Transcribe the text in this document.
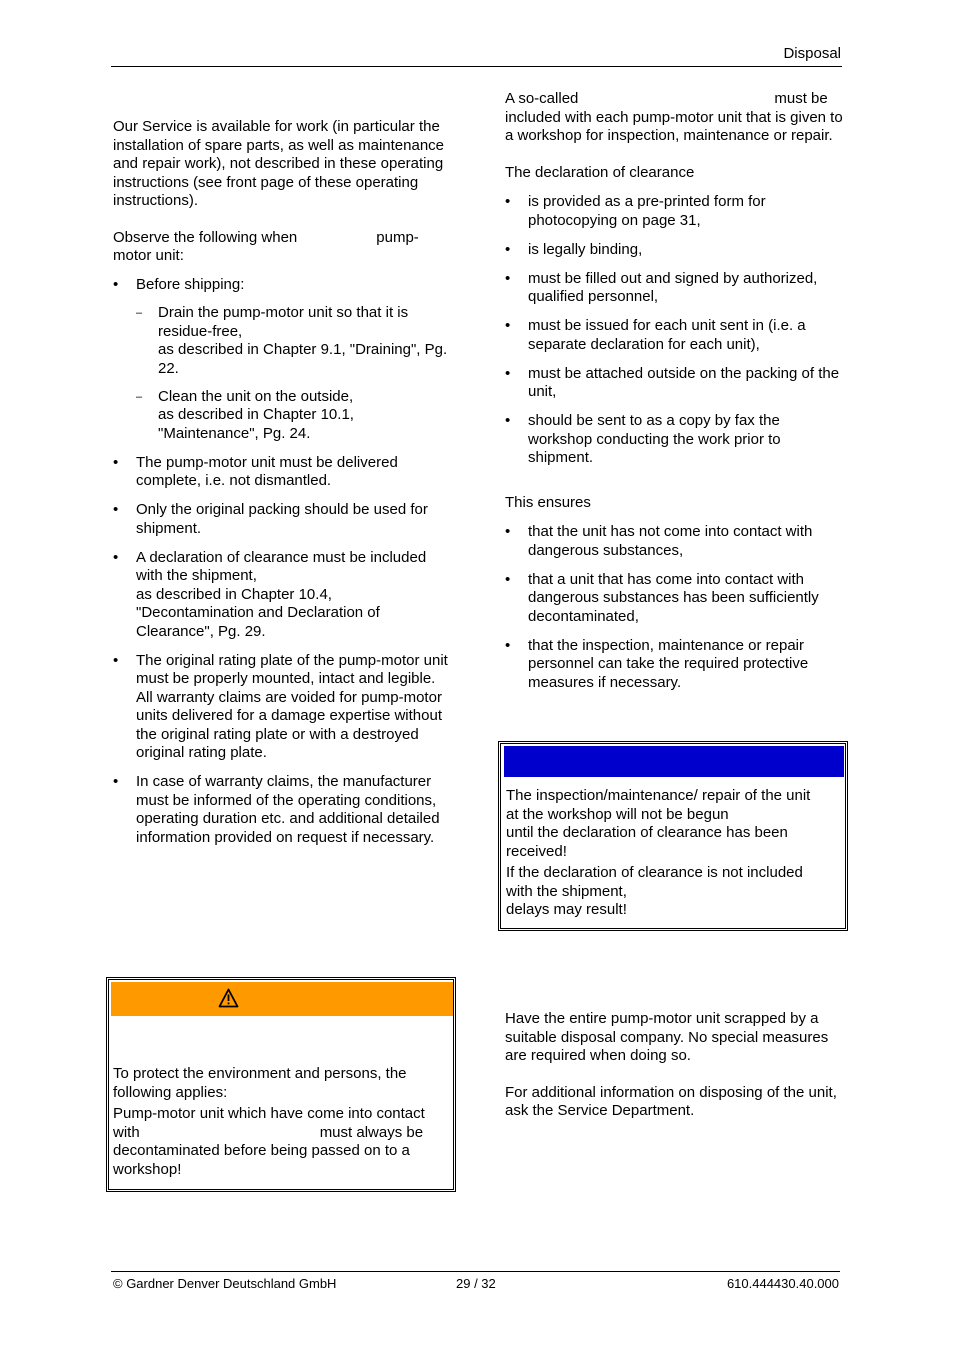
Disposal

Our Service is available for work (in particular the installation of spare parts, as well as maintenance and repair work), not described in these operating instructions (see front page of these operating instructions).

Observe the following when	pump-
motor unit:

• Before shipping:
– Drain the pump-motor unit so that it is residue-free,
as described in Chapter 9.1, "Draining", Pg. 22.
– Clean the unit on the outside,
as described in Chapter 10.1, "Maintenance", Pg. 24.
• The pump-motor unit must be delivered complete, i.e. not dismantled.
• Only the original packing should be used for shipment.
• A declaration of clearance must be included with the shipment,
as described in Chapter 10.4,
"Decontamination and Declaration of
Clearance", Pg. 29.
• The original rating plate of the pump-motor unit must be properly mounted, intact and legible.
All warranty claims are voided for pump-motor units delivered for a damage expertise without the original rating plate or with a destroyed original rating plate.
• In case of warranty claims, the manufacturer must be informed of the operating conditions, operating duration etc. and additional detailed information provided on request if necessary.

A so-called	must be
included with each pump-motor unit that is given to a workshop for inspection, maintenance or repair.

The declaration of clearance

• is provided as a pre-printed form for photocopying on page 31,
• is legally binding,
• must be filled out and signed by authorized, qualified personnel,
• must be issued for each unit sent in (i.e. a separate declaration for each unit),
• must be attached outside on the packing of the unit,
• should be sent to as a copy by fax the workshop conducting the work prior to shipment.

This ensures

• that the unit has not come into contact with dangerous substances,
• that a unit that has come into contact with dangerous substances has been sufficiently decontaminated,
• that the inspection, maintenance or repair personnel can take the required protective measures if necessary.
The inspection/maintenance/ repair of the unit
at the workshop will not be begun
until the declaration of clearance has been
received!
If the declaration of clearance is not included
with the shipment,
delays may result!

To protect the environment and persons, the following applies:

Pump-motor unit which have come into contact
with	must always be
decontaminated before being passed on to a workshop!

Have the entire pump-motor unit scrapped by a suitable disposal company. No special measures are required when doing so.

For additional information on disposing of the unit, ask the Service Department.

© Gardner Denver Deutschland GmbH	29 / 32	610.444430.40.000
